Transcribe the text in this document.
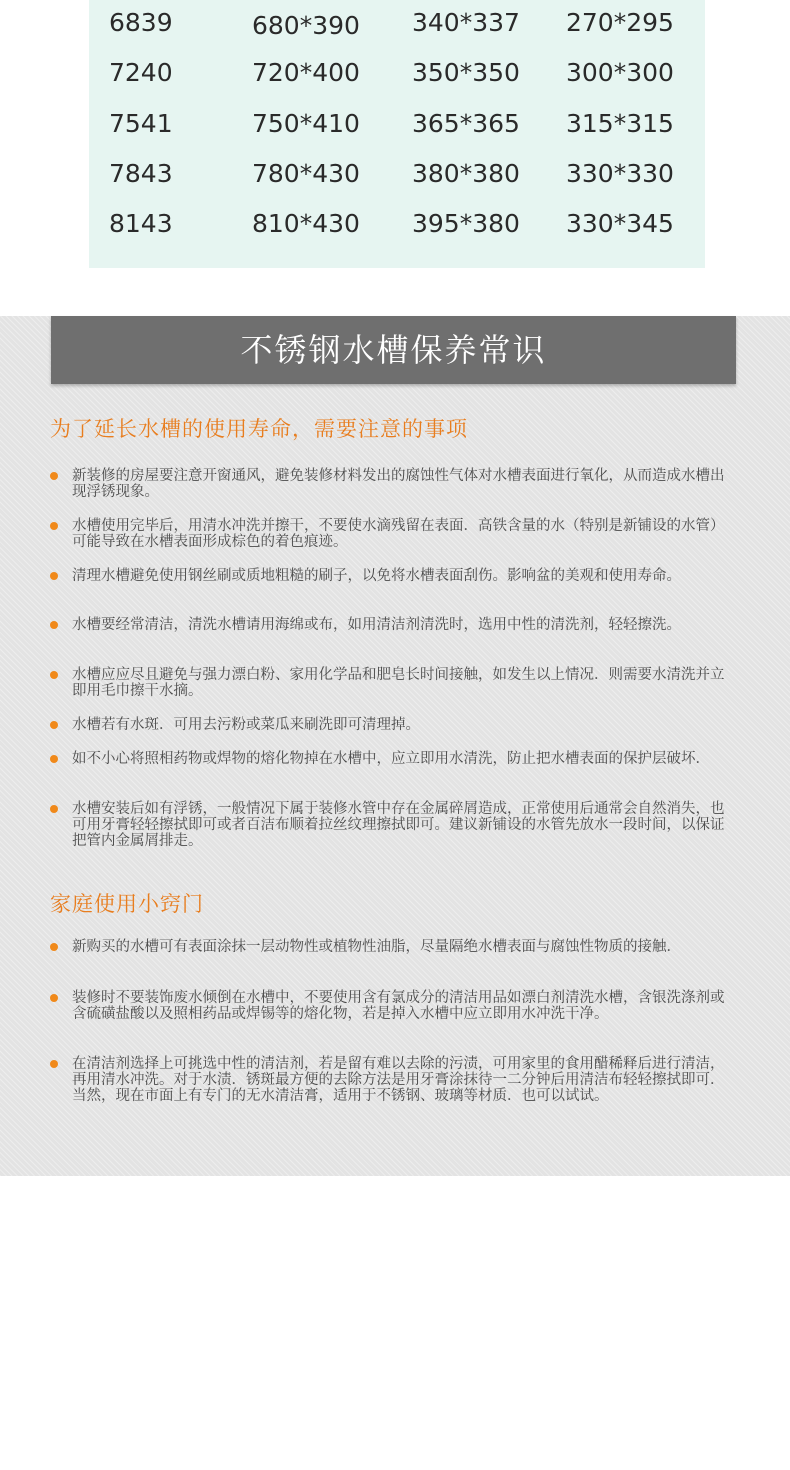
6839	680*390 340*337 270*295
7240	720*400 350*350 300*300
7541	750*410 365*365 315*315
7843	780*430 380*380 330*330
8143	810*430 395*380 330*345
不锈钢水槽保养常识
为了延长水槽的使用寿命，需要注意的事项
新装修的房屋要注意开窗通风，避免装修材料发出的腐蚀性气体对水槽表面进行氧化，从而造成水槽出现浮锈现象。
水槽使用完毕后，用清水冲洗并擦干，不要使水滴残留在表面．高铁含量的水（特别是新铺设的水管）可能导致在水槽表面形成棕色的着色痕迹。
清理水槽避免使用钢丝刷或质地粗糙的刷子，以免将水槽表面刮伤。影响盆的美观和使用寿命。
水槽要经常清洁，清洗水槽请用海绵或布，如用清洁剂清洗时，选用中性的清洗剂，轻轻擦洗。
水槽应应尽且避免与强力漂白粉、家用化学品和肥皂长时间接触，如发生以上情况．则需要水清洗并立即用毛巾擦干水摘。
水槽若有水斑．可用去污粉或菜瓜来刷洗即可清理掉。
如不小心将照相药物或焊物的熔化物掉在水槽中，应立即用水清洗，防止把水槽表面的保护层破坏．
水槽安装后如有浮锈，一般情况下属于装修水管中存在金属碎屑造成，正常使用后通常会自然消失，也可用牙膏轻轻擦拭即可或者百洁布顺着拉丝纹理擦拭即可。建议新铺设的水管先放水一段时间，以保证把管内金属屑排走。
家庭使用小窍门
新购买的水槽可有表面涂抹一层动物性或植物性油脂，尽量隔绝水槽表面与腐蚀性物质的接触．
装修时不要装饰废水倾倒在水槽中，不要使用含有氯成分的清洁用品如漂白剂清洗水槽，含银洗涤剂或含硫磺盐酸以及照相药品或焊锡等的熔化物，若是掉入水槽中应立即用水冲洗干净。
在清洁剂选择上可挑选中性的清洁剂，若是留有难以去除的污渍，可用家里的食用醋稀释后进行清洁，再用清水冲洗。对于水渍．锈斑最方便的去除方法是用牙膏涂抹待一二分钟后用清洁布轻轻擦拭即可．当然，现在市面上有专门的无水清洁膏，适用于不锈钢、玻璃等材质．也可以试试。
